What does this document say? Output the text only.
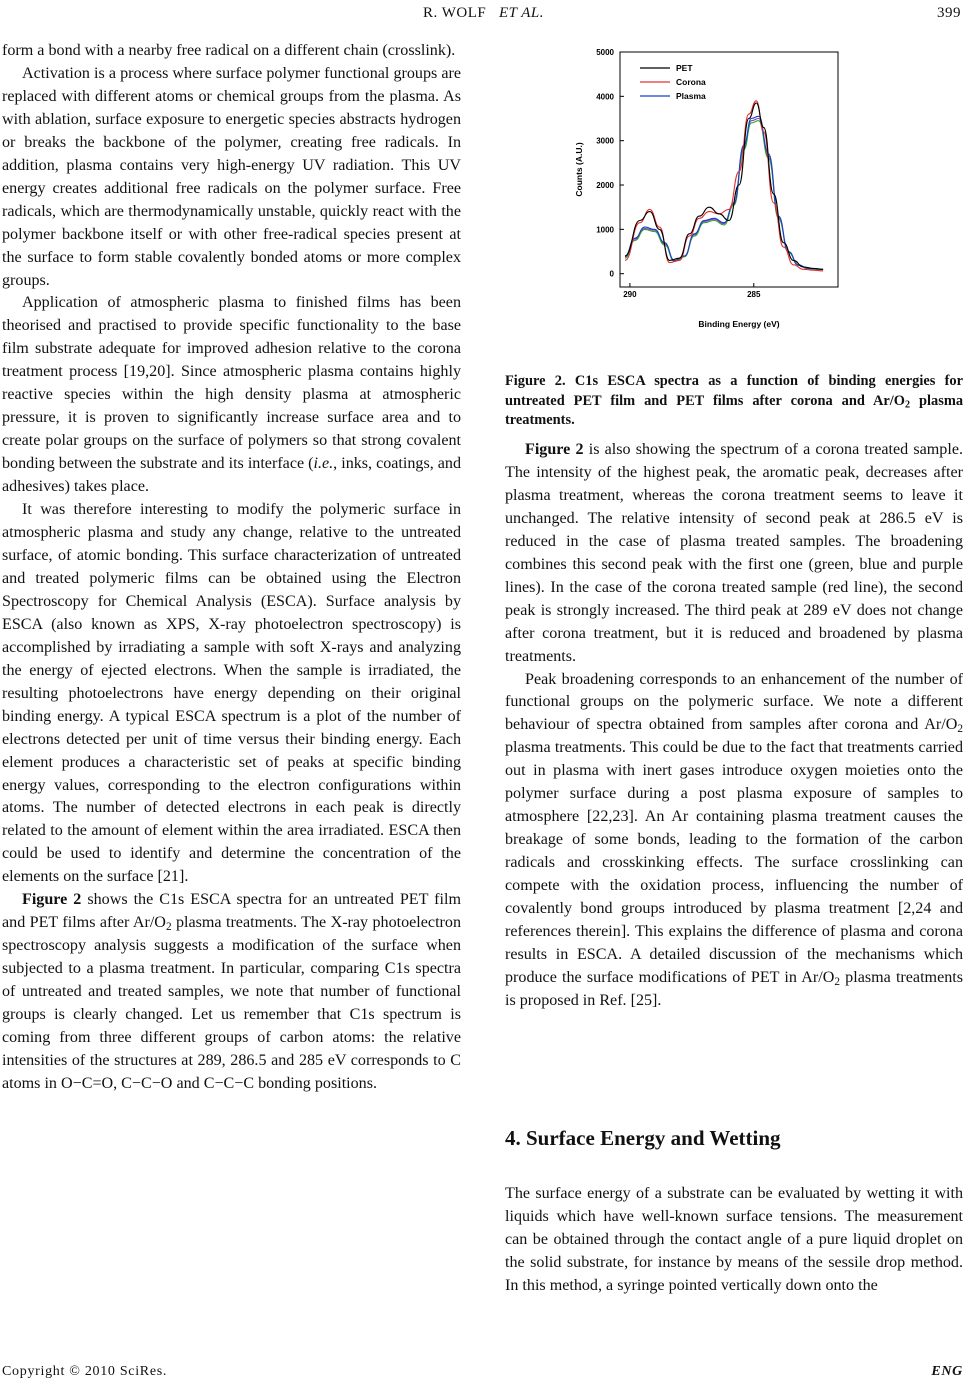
R. WOLF ET AL.	399

form a bond with a nearby free radical on a different chain (crosslink).

Activation is a process where surface polymer functional groups are replaced with different atoms or chemical groups from the plasma. As with ablation, surface exposure to energetic species abstracts hydrogen or breaks the backbone of the polymer, creating free radicals. In addition, plasma contains very high-energy UV radiation. This UV energy creates additional free radicals on the polymer surface. Free radicals, which are thermodynamically unstable, quickly react with the polymer backbone itself or with other free-radical species present at the surface to form stable covalently bonded atoms or more complex groups.

Application of atmospheric plasma to finished films has been theorised and practised to provide specific functionality to the base film substrate adequate for improved adhesion relative to the corona treatment process [19,20]. Since atmospheric plasma contains highly reactive species within the high density plasma at atmospheric pressure, it is proven to significantly increase surface area and to create polar groups on the surface of polymers so that strong covalent bonding between the substrate and its interface (i.e., inks, coatings, and adhesives) takes place.

It was therefore interesting to modify the polymeric surface in atmospheric plasma and study any change, relative to the untreated surface, of atomic bonding. This surface characterization of untreated and treated polymeric films can be obtained using the Electron Spectroscopy for Chemical Analysis (ESCA). Surface analysis by ESCA (also known as XPS, X-ray photoelectron spectroscopy) is accomplished by irradiating a sample with soft X-rays and analyzing the energy of ejected electrons. When the sample is irradiated, the resulting photoelectrons have energy depending on their original binding energy. A typical ESCA spectrum is a plot of the number of electrons detected per unit of time versus their binding energy. Each element produces a characteristic set of peaks at specific binding energy values, corresponding to the electron configurations within atoms. The number of detected electrons in each peak is directly related to the amount of element within the area irradiated. ESCA then could be used to identify and determine the concentration of the elements on the surface [21].

Figure 2 shows the C1s ESCA spectra for an untreated PET film and PET films after $Ar/O_2$ plasma treatments. The X-ray photoelectron spectroscopy analysis suggests a modification of the surface when subjected to a plasma treatment. In particular, comparing C1s spectra of untreated and treated samples, we note that number of functional groups is clearly changed. Let us remember that C1s spectrum is coming from three different groups of carbon atoms: the relative intensities of the structures at 289, 286.5 and 285 eV corresponds to C atoms in O−C=O, C−C−O and C−C−C bonding positions.

0
1000
2000
3000
4000
5000
290	285
Binding Energy (eV)
Counts (A.U.)
PET
Corona
Plasma
Figure 2. C1s ESCA spectra as a function of binding energies for untreated PET film and PET films after corona and $Ar/O_2$ plasma treatments.

Figure 2 is also showing the spectrum of a corona treated sample. The intensity of the highest peak, the aromatic peak, decreases after plasma treatment, whereas the corona treatment seems to leave it unchanged. The relative intensity of second peak at 286.5 eV is reduced in the case of plasma treated samples. The broadening combines this second peak with the first one (green, blue and purple lines). In the case of the corona treated sample (red line), the second peak is strongly increased. The third peak at 289 eV does not change after corona treatment, but it is reduced and broadened by plasma treatments.

Peak broadening corresponds to an enhancement of the number of functional groups on the polymeric surface. We note a different behaviour of spectra obtained from samples after corona and $Ar/O_2$ plasma treatments. This could be due to the fact that treatments carried out in plasma with inert gases introduce oxygen moieties onto the polymer surface during a post plasma exposure of samples to atmosphere [22,23]. An Ar containing plasma treatment causes the breakage of some bonds, leading to the formation of the carbon radicals and crosskinking effects. The surface crosslinking can compete with the oxidation process, influencing the number of covalently bond groups introduced by plasma treatment [2,24 and references therein]. This explains the difference of plasma and corona results in ESCA. A detailed discussion of the mechanisms which produce the surface modifications of PET in $Ar/O_2$ plasma treatments is proposed in Ref. [25].

4. Surface Energy and Wetting

The surface energy of a substrate can be evaluated by wetting it with liquids which have well-known surface tensions. The measurement can be obtained through the contact angle of a pure liquid droplet on the solid substrate, for instance by means of the sessile drop method. In this method, a syringe pointed vertically down onto the

Copyright © 2010 SciRes.	ENG
